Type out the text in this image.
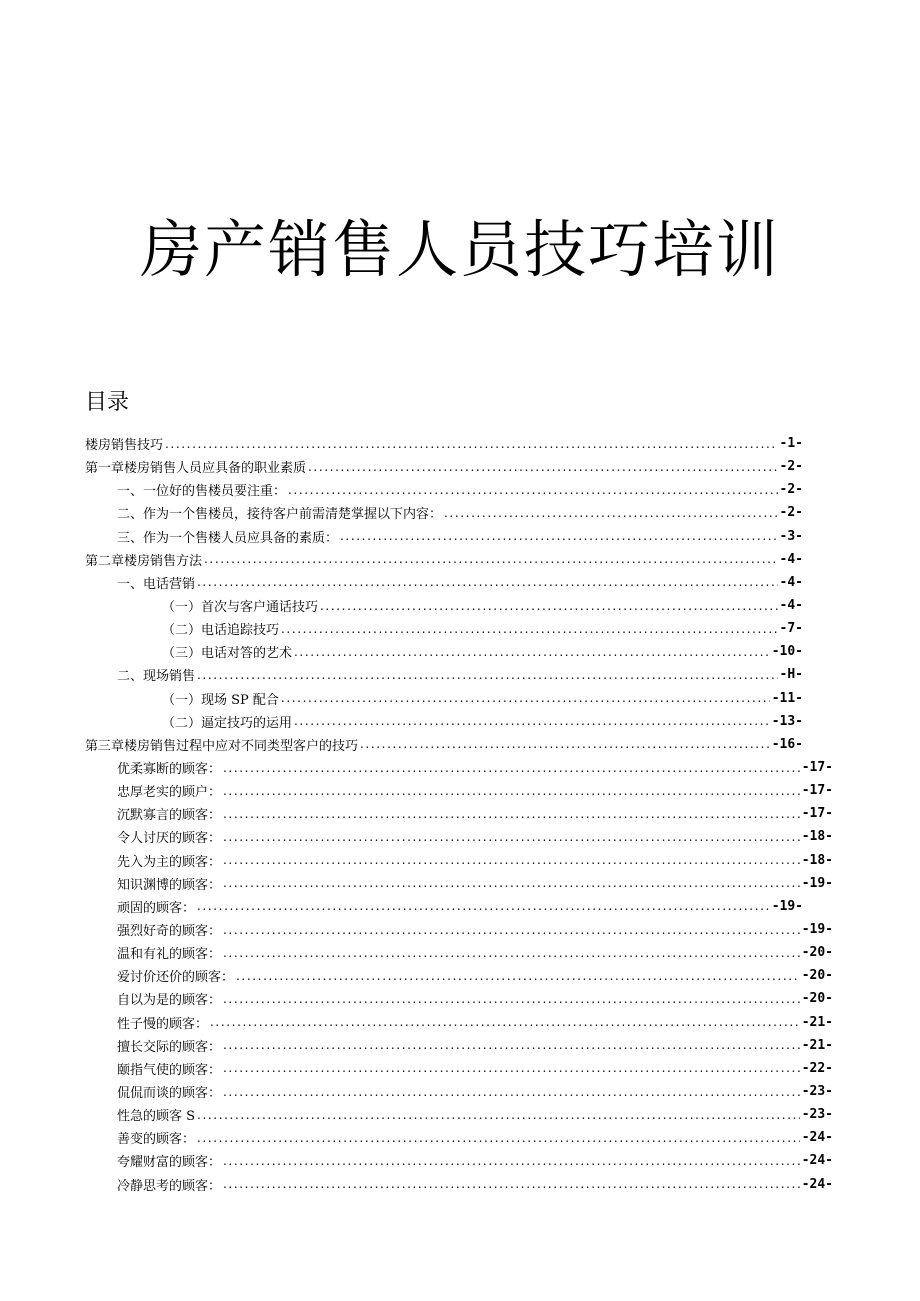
房产销售人员技巧培训
目录
楼房销售技巧 .....	-1-
第一章楼房销售人员应具备的职业素质 .....	-2-
一、一位好的售楼员要注重： .....	-2-
二、作为一个售楼员，接待客户前需清楚掌握以下内容： .....	-2-
三、作为一个售楼人员应具备的素质： .....	-3-
第二章楼房销售方法 .....	-4-
一、电话营销 .....	-4-
（一）首次与客户通话技巧 .....	-4-
（二）电话追踪技巧 .....	-7-
（三）电话对答的艺术 .....	-10-
二、现场销售 .....	-H-
（一）现场 SP 配合 .....	-11-
（二）逼定技巧的运用 .....	-13-
第三章楼房销售过程中应对不同类型客户的技巧 .....	-16-
优柔寡断的顾客： .....	-17-
忠厚老实的顾户： .....	-17-
沉默寡言的顾客： .....	-17-
令人讨厌的顾客： .....	-18-
先入为主的顾客： .....	-18-
知识渊博的顾客： .....	-19-
顽固的顾客： .....	-19-
强烈好奇的顾客： .....	-19-
温和有礼的顾客： .....	-20-
爱讨价还价的顾客： .....	-20-
自以为是的顾客： .....	-20-
性子慢的顾客： .....	-21-
擅长交际的顾客： .....	-21-
颐指气使的顾客： .....	-22-
侃侃而谈的顾客： .....	-23-
性急的顾客 S .....	-23-
善变的顾客： .....	-24-
夸耀财富的顾客： .....	-24-
冷静思考的顾客： .....	-24-
